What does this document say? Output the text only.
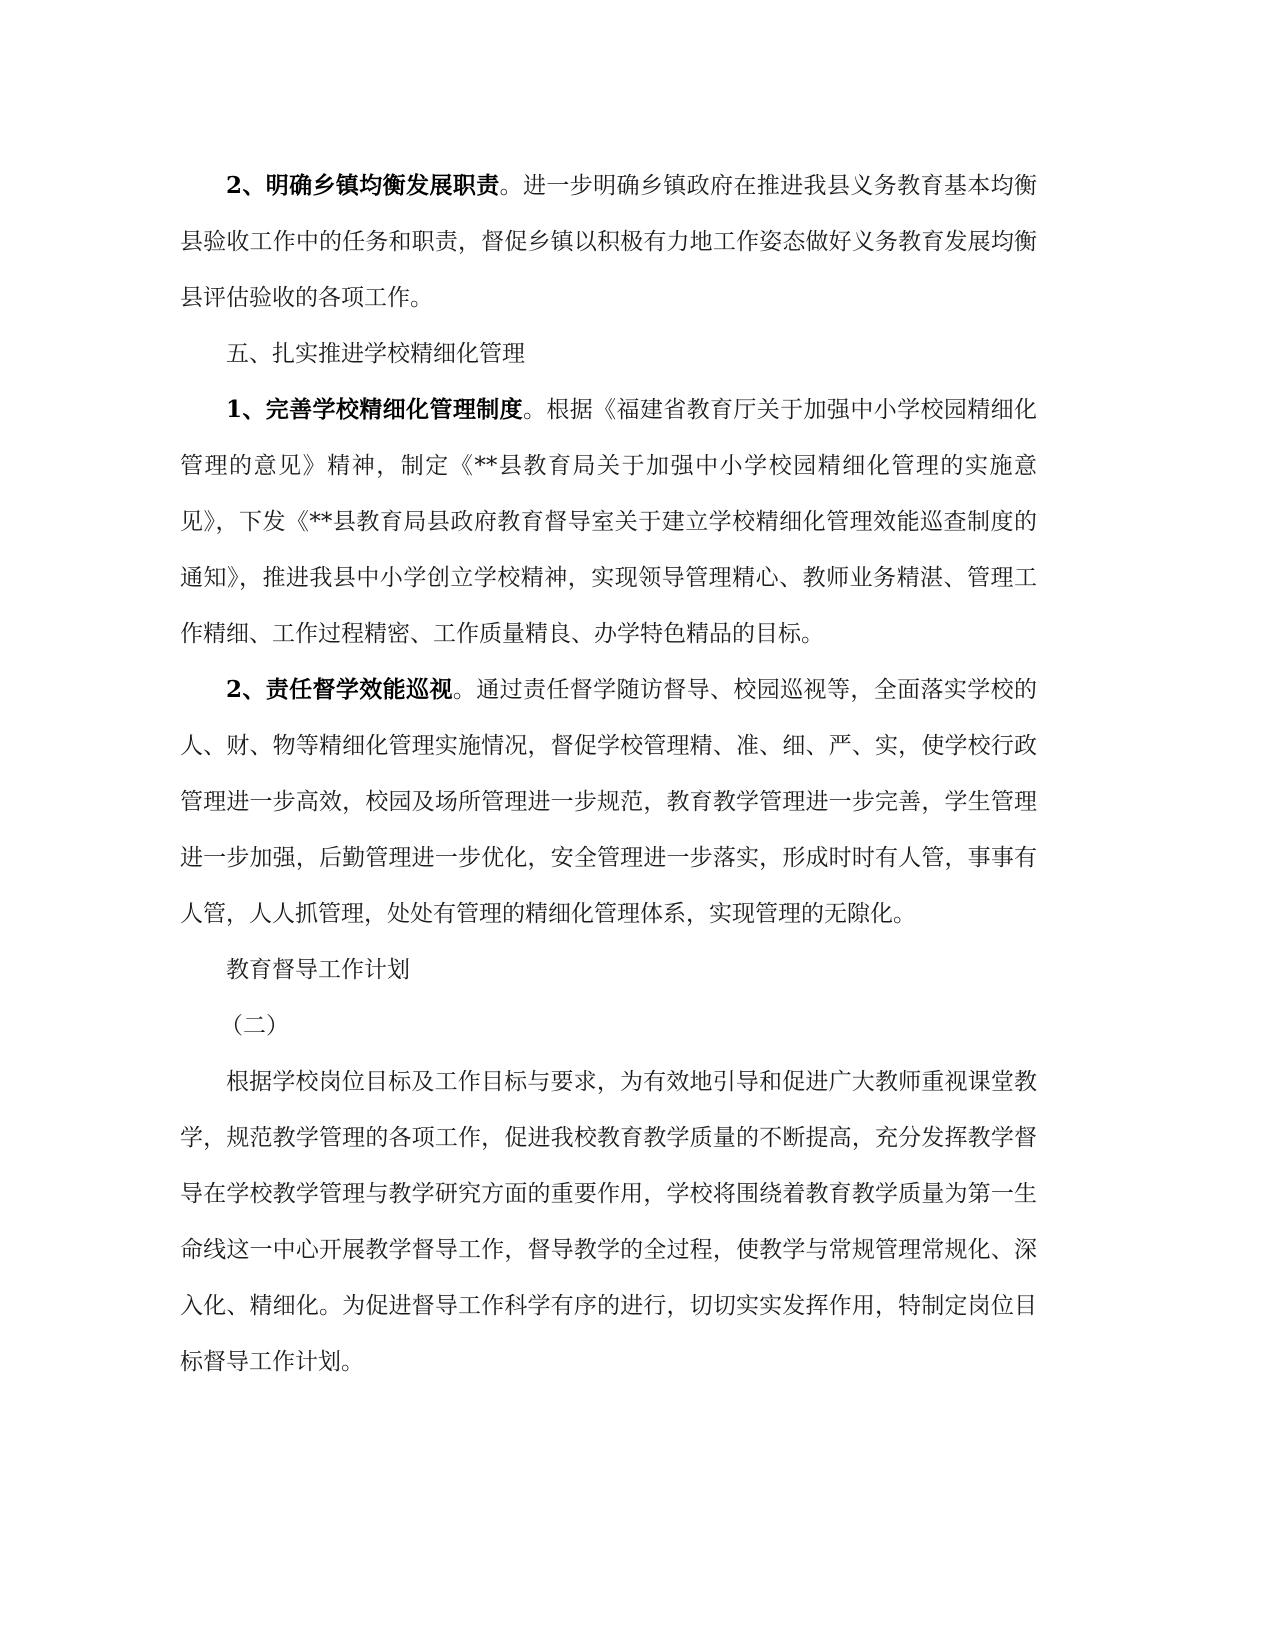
2、明确乡镇均衡发展职责。进一步明确乡镇政府在推进我县义务教育基本均衡县验收工作中的任务和职责，督促乡镇以积极有力地工作姿态做好义务教育发展均衡县评估验收的各项工作。

五、扎实推进学校精细化管理

1、完善学校精细化管理制度。根据《福建省教育厅关于加强中小学校园精细化管理的意见》精神，制定《**县教育局关于加强中小学校园精细化管理的实施意见》，下发《**县教育局县政府教育督导室关于建立学校精细化管理效能巡查制度的通知》，推进我县中小学创立学校精神，实现领导管理精心、教师业务精湛、管理工作精细、工作过程精密、工作质量精良、办学特色精品的目标。

2、责任督学效能巡视。通过责任督学随访督导、校园巡视等，全面落实学校的人、财、物等精细化管理实施情况，督促学校管理精、准、细、严、实，使学校行政管理进一步高效，校园及场所管理进一步规范，教育教学管理进一步完善，学生管理进一步加强，后勤管理进一步优化，安全管理进一步落实，形成时时有人管，事事有人管，人人抓管理，处处有管理的精细化管理体系，实现管理的无隙化。

教育督导工作计划

（二）

根据学校岗位目标及工作目标与要求，为有效地引导和促进广大教师重视课堂教学，规范教学管理的各项工作，促进我校教育教学质量的不断提高，充分发挥教学督导在学校教学管理与教学研究方面的重要作用，学校将围绕着教育教学质量为第一生命线这一中心开展教学督导工作，督导教学的全过程，使教学与常规管理常规化、深入化、精细化。为促进督导工作科学有序的进行，切切实实发挥作用，特制定岗位目标督导工作计划。
